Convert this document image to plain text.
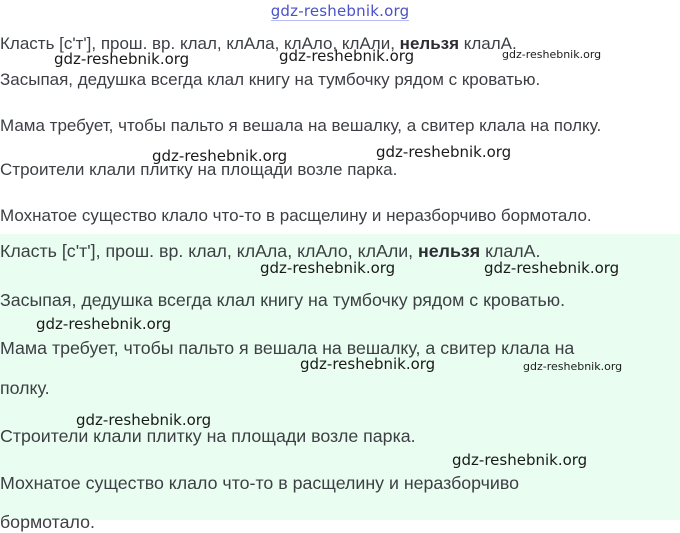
gdz-reshebnik.org

Класть [с'т'], прош. вр. клал, клАла, клАло, клАли, нельзя клалА.

Засыпая, дедушка всегда клал книгу на тумбочку рядом с кроватью.

Мама требует, чтобы пальто я вешала на вешалку, а свитер клала на полку.

Строители клали плитку на площади возле парка.

Мохнатое существо клало что-то в расщелину и неразборчиво бормотало.

Класть [с'т'], прош. вр. клал, клАла, клАло, клАли, нельзя клалА.

Засыпая, дедушка всегда клал книгу на тумбочку рядом с кроватью.

Мама требует, чтобы пальто я вешала на вешалку, а свитер клала на

полку.

Строители клали плитку на площади возле парка.

Мохнатое существо клало что-то в расщелину и неразборчиво

бормотало.

gdz-reshebnik.org	gdz-reshebnik.org	gdz-reshebnik.org
gdz-reshebnik.org	gdz-reshebnik.org
gdz-reshebnik.org	gdz-reshebnik.org
gdz-reshebnik.org
gdz-reshebnik.org	gdz-reshebnik.org
gdz-reshebnik.org
gdz-reshebnik.org
